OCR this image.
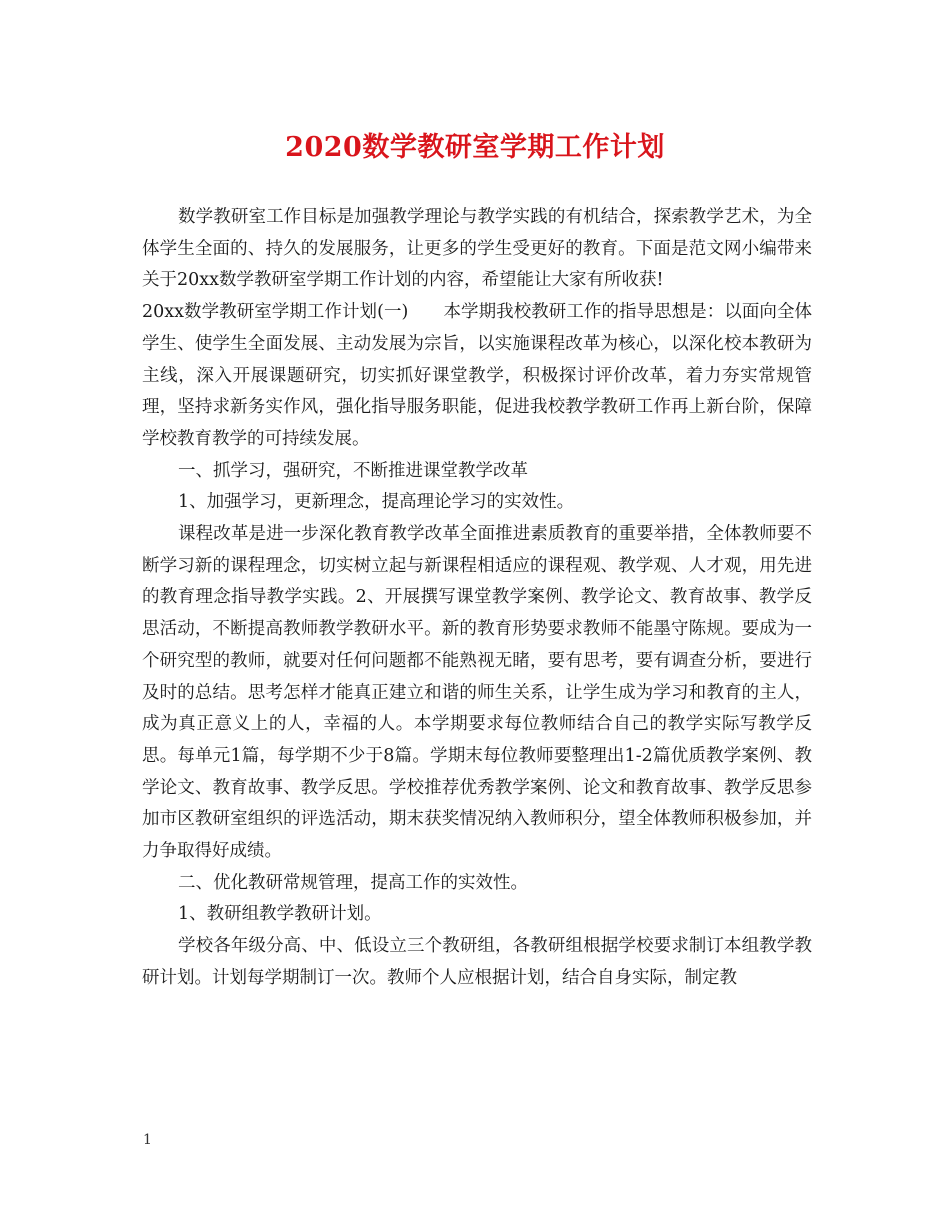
2020数学教研室学期工作计划

数学教研室工作目标是加强教学理论与教学实践的有机结合，探索教学艺术，为全体学生全面的、持久的发展服务，让更多的学生受更好的教育。下面是范文网小编带来关于20xx数学教研室学期工作计划的内容，希望能让大家有所收获!

20xx数学教研室学期工作计划(一)　　本学期我校教研工作的指导思想是：以面向全体学生、使学生全面发展、主动发展为宗旨，以实施课程改革为核心，以深化校本教研为主线，深入开展课题研究，切实抓好课堂教学，积极探讨评价改革，着力夯实常规管理，坚持求新务实作风，强化指导服务职能，促进我校教学教研工作再上新台阶，保障学校教育教学的可持续发展。

一、抓学习，强研究，不断推进课堂教学改革

1、加强学习，更新理念，提高理论学习的实效性。

课程改革是进一步深化教育教学改革全面推进素质教育的重要举措，全体教师要不断学习新的课程理念，切实树立起与新课程相适应的课程观、教学观、人才观，用先进的教育理念指导教学实践。2、开展撰写课堂教学案例、教学论文、教育故事、教学反思活动，不断提高教师教学教研水平。新的教育形势要求教师不能墨守陈规。要成为一个研究型的教师，就要对任何问题都不能熟视无睹，要有思考，要有调查分析，要进行及时的总结。思考怎样才能真正建立和谐的师生关系，让学生成为学习和教育的主人，成为真正意义上的人，幸福的人。本学期要求每位教师结合自己的教学实际写教学反思。每单元1篇，每学期不少于8篇。学期末每位教师要整理出1-2篇优质教学案例、教学论文、教育故事、教学反思。学校推荐优秀教学案例、论文和教育故事、教学反思参加市区教研室组织的评选活动，期末获奖情况纳入教师积分，望全体教师积极参加，并力争取得好成绩。

二、优化教研常规管理，提高工作的实效性。

1、教研组教学教研计划。

学校各年级分高、中、低设立三个教研组，各教研组根据学校要求制订本组教学教研计划。计划每学期制订一次。教师个人应根据计划，结合自身实际，制定教

1
